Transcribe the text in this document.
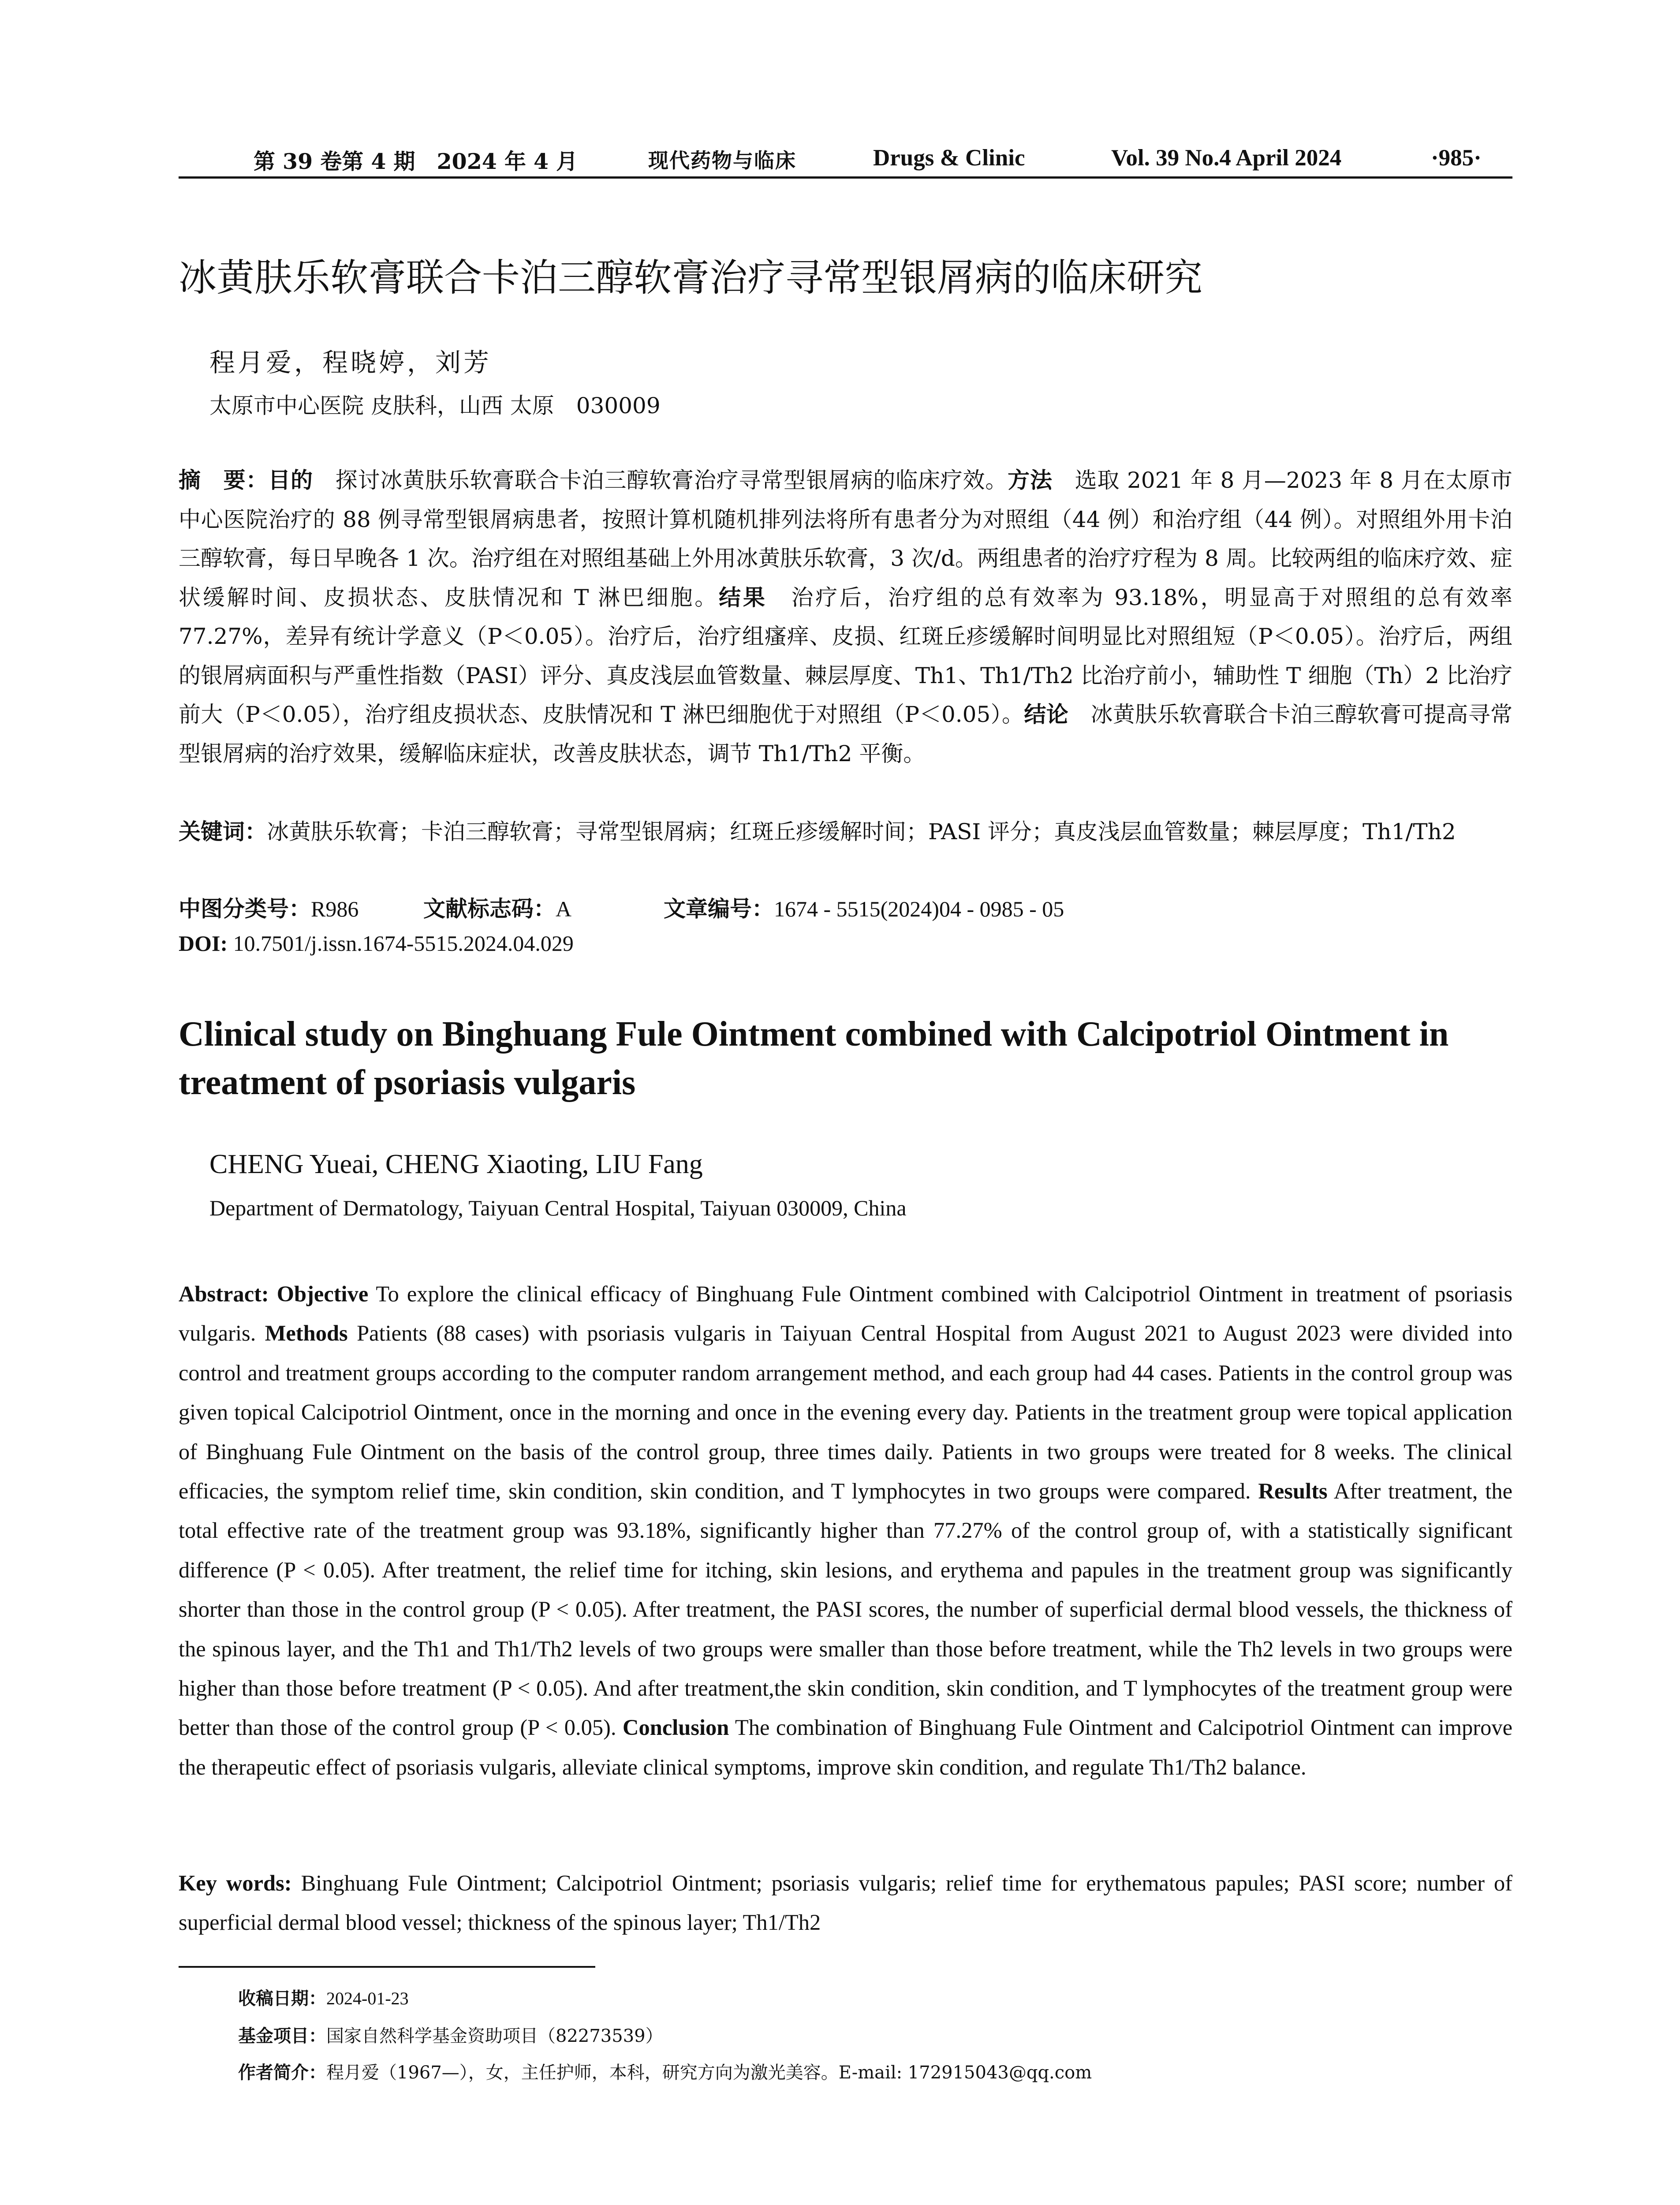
第 39 卷第 4 期　2024 年 4 月	现代药物与临床	Drugs & Clinic	Vol. 39 No.4 April 2024	·985·
冰黄肤乐软膏联合卡泊三醇软膏治疗寻常型银屑病的临床研究
程月爱，程晓婷，刘芳
太原市中心医院 皮肤科，山西 太原　030009
摘　要：目的　探讨冰黄肤乐软膏联合卡泊三醇软膏治疗寻常型银屑病的临床疗效。方法　选取 2021 年 8 月—2023 年 8 月在太原市中心医院治疗的 88 例寻常型银屑病患者，按照计算机随机排列法将所有患者分为对照组（44 例）和治疗组（44 例）。对照组外用卡泊三醇软膏，每日早晚各 1 次。治疗组在对照组基础上外用冰黄肤乐软膏，3 次/d。两组患者的治疗疗程为 8 周。比较两组的临床疗效、症状缓解时间、皮损状态、皮肤情况和 T 淋巴细胞。结果　治疗后，治疗组的总有效率为 93.18%，明显高于对照组的总有效率 77.27%，差异有统计学意义（P＜0.05）。治疗后，治疗组瘙痒、皮损、红斑丘疹缓解时间明显比对照组短（P＜0.05）。治疗后，两组的银屑病面积与严重性指数（PASI）评分、真皮浅层血管数量、棘层厚度、Th1、Th1/Th2 比治疗前小，辅助性 T 细胞（Th）2 比治疗前大（P＜0.05），治疗组皮损状态、皮肤情况和 T 淋巴细胞优于对照组（P＜0.05）。结论　冰黄肤乐软膏联合卡泊三醇软膏可提高寻常型银屑病的治疗效果，缓解临床症状，改善皮肤状态，调节 Th1/Th2 平衡。
关键词：冰黄肤乐软膏；卡泊三醇软膏；寻常型银屑病；红斑丘疹缓解时间；PASI 评分；真皮浅层血管数量；棘层厚度；Th1/Th2
中图分类号：R986	文献标志码：A	文章编号：1674 - 5515(2024)04 - 0985 - 05
DOI: 10.7501/j.issn.1674-5515.2024.04.029
Clinical study on Binghuang Fule Ointment combined with Calcipotriol Ointment in treatment of psoriasis vulgaris
CHENG Yueai, CHENG Xiaoting, LIU Fang
Department of Dermatology, Taiyuan Central Hospital, Taiyuan 030009, China
Abstract: Objective To explore the clinical efficacy of Binghuang Fule Ointment combined with Calcipotriol Ointment in treatment of psoriasis vulgaris. Methods Patients (88 cases) with psoriasis vulgaris in Taiyuan Central Hospital from August 2021 to August 2023 were divided into control and treatment groups according to the computer random arrangement method, and each group had 44 cases. Patients in the control group was given topical Calcipotriol Ointment, once in the morning and once in the evening every day. Patients in the treatment group were topical application of Binghuang Fule Ointment on the basis of the control group, three times daily. Patients in two groups were treated for 8 weeks. The clinical efficacies, the symptom relief time, skin condition, skin condition, and T lymphocytes in two groups were compared. Results After treatment, the total effective rate of the treatment group was 93.18%, significantly higher than 77.27% of the control group of, with a statistically significant difference (P < 0.05). After treatment, the relief time for itching, skin lesions, and erythema and papules in the treatment group was significantly shorter than those in the control group (P < 0.05). After treatment, the PASI scores, the number of superficial dermal blood vessels, the thickness of the spinous layer, and the Th1 and Th1/Th2 levels of two groups were smaller than those before treatment, while the Th2 levels in two groups were higher than those before treatment (P < 0.05). And after treatment,the skin condition, skin condition, and T lymphocytes of the treatment group were better than those of the control group (P < 0.05). Conclusion The combination of Binghuang Fule Ointment and Calcipotriol Ointment can improve the therapeutic effect of psoriasis vulgaris, alleviate clinical symptoms, improve skin condition, and regulate Th1/Th2 balance.
Key words: Binghuang Fule Ointment; Calcipotriol Ointment; psoriasis vulgaris; relief time for erythematous papules; PASI score; number of superficial dermal blood vessel; thickness of the spinous layer; Th1/Th2
收稿日期：2024-01-23
基金项目：国家自然科学基金资助项目（82273539）
作者简介：程月爱（1967—），女，主任护师，本科，研究方向为激光美容。E-mail: 172915043@qq.com
